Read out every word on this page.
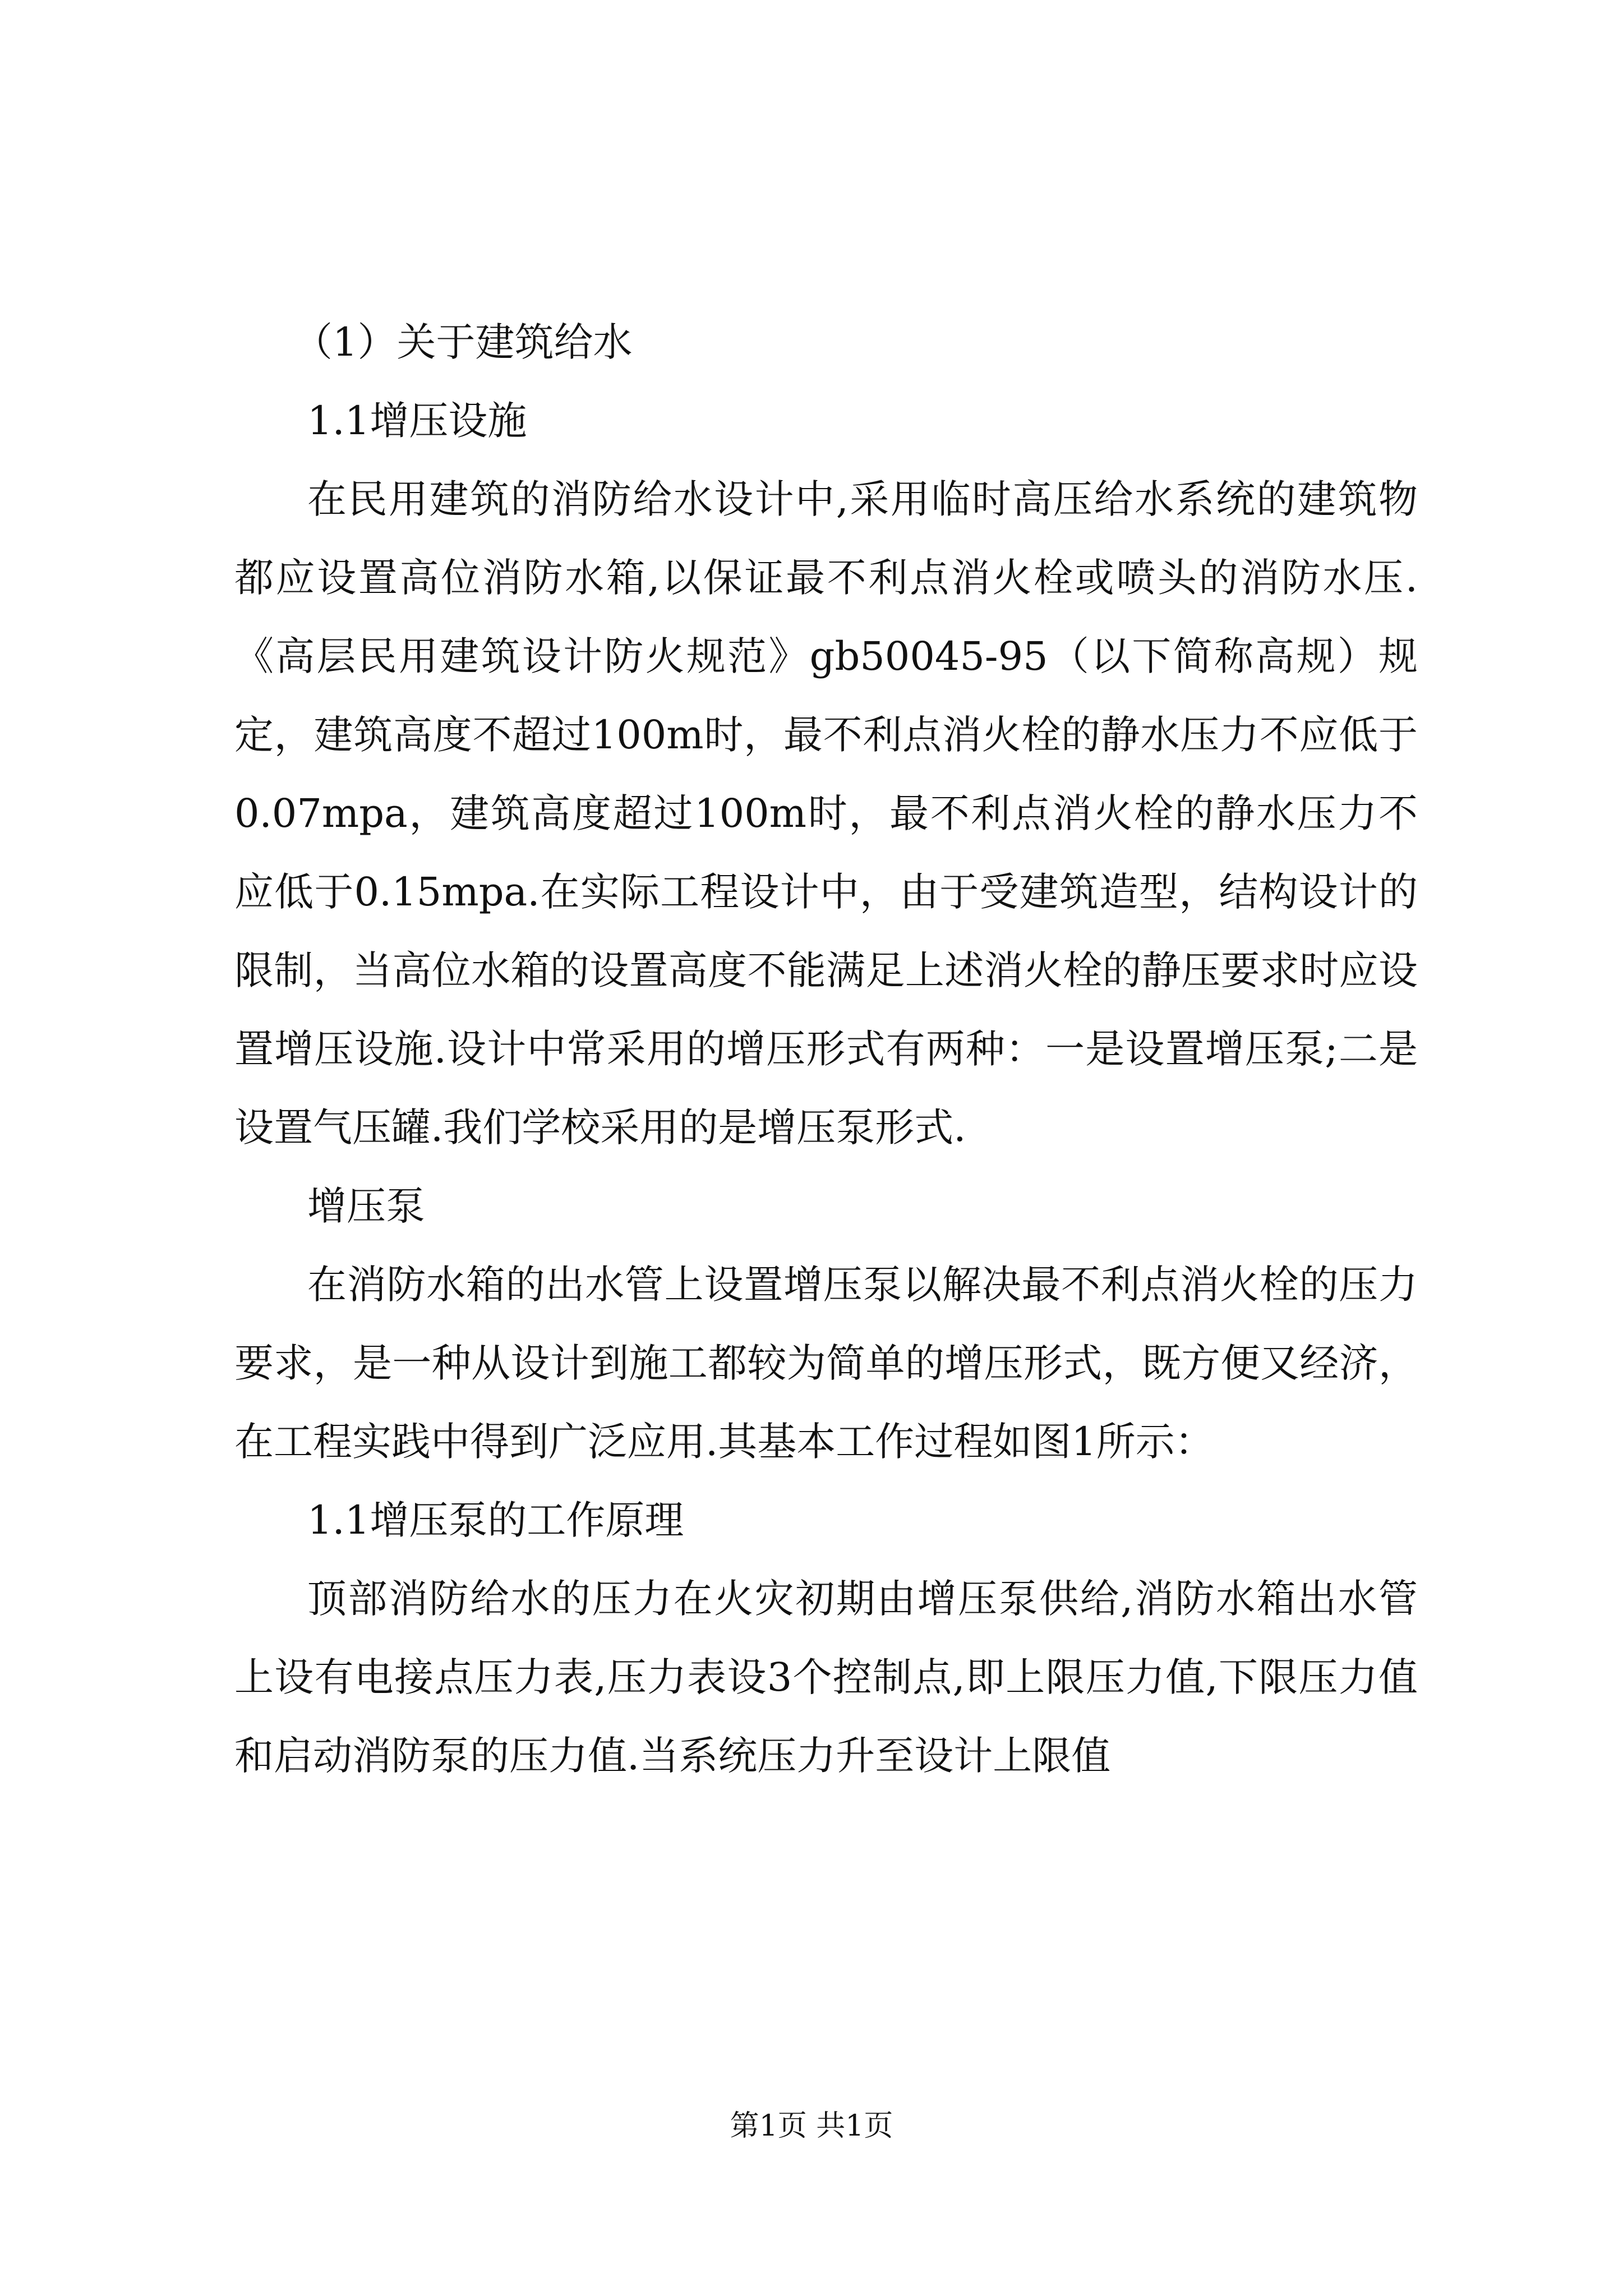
（1）关于建筑给水
1.1增压设施

在民用建筑的消防给水设计中,采用临时高压给水系统的建筑物都应设置高位消防水箱,以保证最不利点消火栓或喷头的消防水压.《高层民用建筑设计防火规范》gb50045-95（以下简称高规）规定，建筑高度不超过100m时，最不利点消火栓的静水压力不应低于0.07mpa，建筑高度超过100m时，最不利点消火栓的静水压力不应低于0.15mpa.在实际工程设计中，由于受建筑造型，结构设计的限制，当高位水箱的设置高度不能满足上述消火栓的静压要求时应设置增压设施.设计中常采用的增压形式有两种：一是设置增压泵;二是设置气压罐.我们学校采用的是增压泵形式.

增压泵

在消防水箱的出水管上设置增压泵以解决最不利点消火栓的压力要求，是一种从设计到施工都较为简单的增压形式，既方便又经济，在工程实践中得到广泛应用.其基本工作过程如图1所示：

1.1增压泵的工作原理

顶部消防给水的压力在火灾初期由增压泵供给,消防水箱出水管上设有电接点压力表,压力表设3个控制点,即上限压力值,下限压力值和启动消防泵的压力值.当系统压力升至设计上限值

第1页 共1页
